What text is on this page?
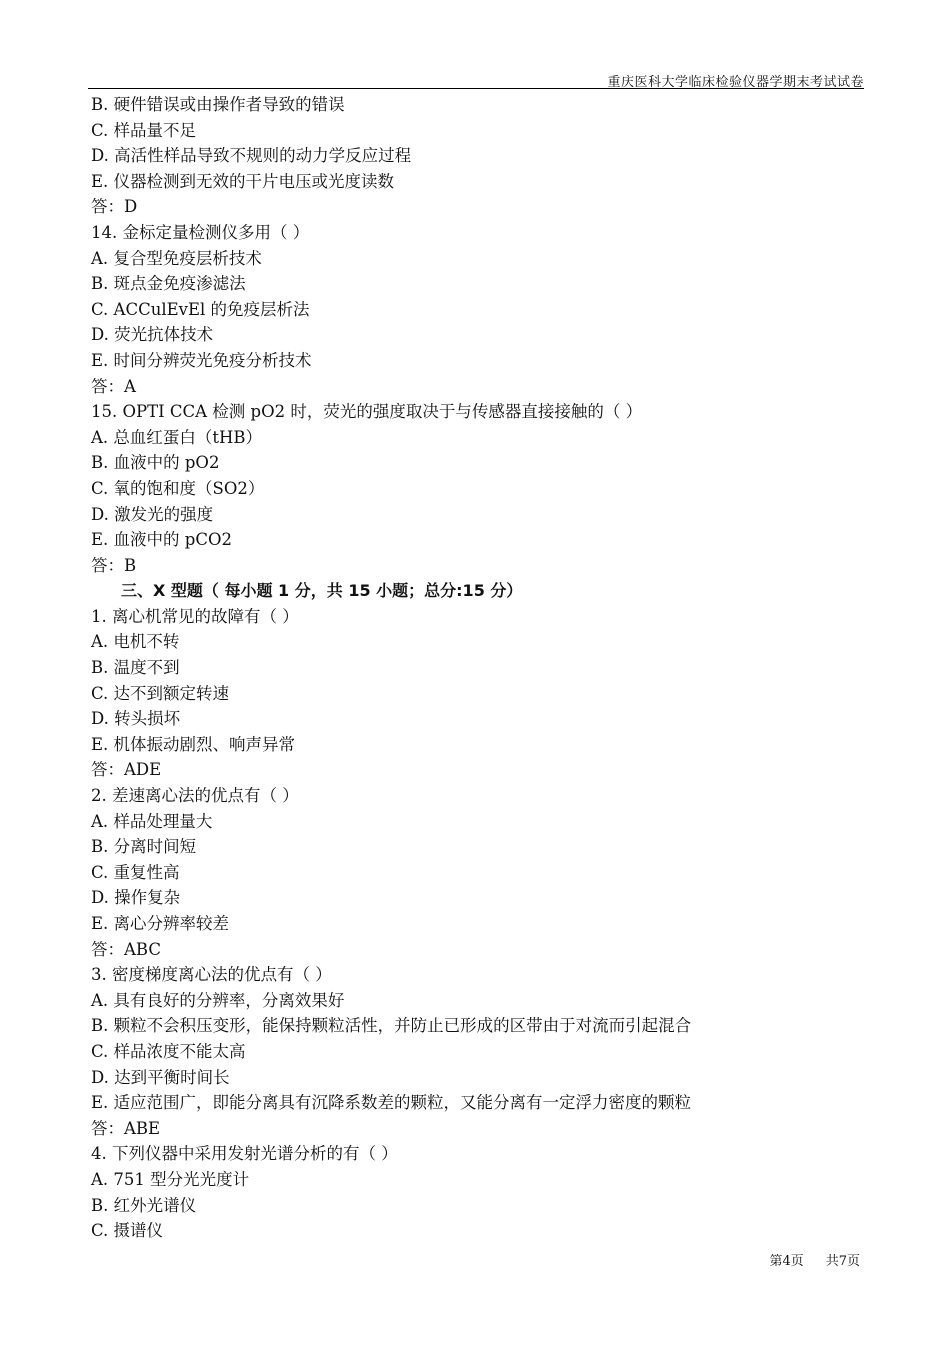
重庆医科大学临床检验仪器学期末考试试卷
B. 硬件错误或由操作者导致的错误
C. 样品量不足
D. 高活性样品导致不规则的动力学反应过程
E. 仪器检测到无效的干片电压或光度读数
答：D
14. 金标定量检测仪多用（ ）
A. 复合型免疫层析技术
B. 斑点金免疫渗滤法
C. ACCulEvEl 的免疫层析法
D. 荧光抗体技术
E. 时间分辨荧光免疫分析技术
答：A
15. OPTI CCA 检测 pO2 时，荧光的强度取决于与传感器直接接触的（ ）
A. 总血红蛋白（tHB）
B. 血液中的 pO2
C. 氧的饱和度（SO2）
D. 激发光的强度
E. 血液中的 pCO2
答：B
三、X 型题（ 每小题 1 分，共 15 小题；总分:15 分）
1. 离心机常见的故障有（ ）
A. 电机不转
B. 温度不到
C. 达不到额定转速
D. 转头损坏
E. 机体振动剧烈、响声异常
答：ADE
2. 差速离心法的优点有（ ）
A. 样品处理量大
B. 分离时间短
C. 重复性高
D. 操作复杂
E. 离心分辨率较差
答：ABC
3. 密度梯度离心法的优点有（ ）
A. 具有良好的分辨率，分离效果好
B. 颗粒不会积压变形，能保持颗粒活性，并防止已形成的区带由于对流而引起混合
C. 样品浓度不能太高
D. 达到平衡时间长
E. 适应范围广，即能分离具有沉降系数差的颗粒，又能分离有一定浮力密度的颗粒
答：ABE
4. 下列仪器中采用发射光谱分析的有（ ）
A. 751 型分光光度计
B. 红外光谱仪
C. 摄谱仪
第4页 共7页
